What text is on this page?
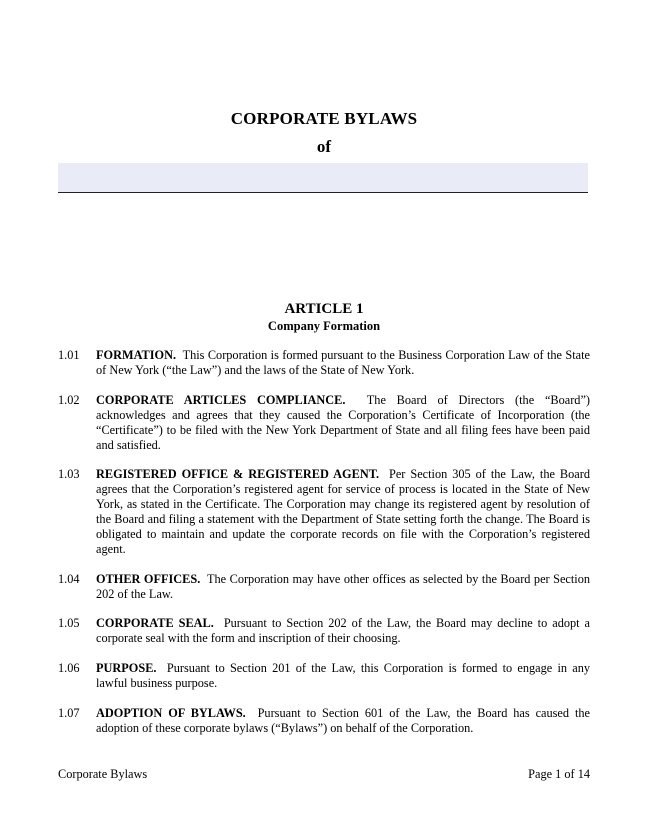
CORPORATE BYLAWS
of
ARTICLE 1
Company Formation
1.01	FORMATION. This Corporation is formed pursuant to the Business Corporation Law of the State of New York (“the Law”) and the laws of the State of New York.
1.02	CORPORATE ARTICLES COMPLIANCE. The Board of Directors (the “Board”) acknowledges and agrees that they caused the Corporation’s Certificate of Incorporation (the “Certificate”) to be filed with the New York Department of State and all filing fees have been paid and satisfied.
1.03	REGISTERED OFFICE & REGISTERED AGENT. Per Section 305 of the Law, the Board agrees that the Corporation’s registered agent for service of process is located in the State of New York, as stated in the Certificate. The Corporation may change its registered agent by resolution of the Board and filing a statement with the Department of State setting forth the change. The Board is obligated to maintain and update the corporate records on file with the Corporation’s registered agent.
1.04	OTHER OFFICES. The Corporation may have other offices as selected by the Board per Section 202 of the Law.
1.05	CORPORATE SEAL. Pursuant to Section 202 of the Law, the Board may decline to adopt a corporate seal with the form and inscription of their choosing.
1.06	PURPOSE. Pursuant to Section 201 of the Law, this Corporation is formed to engage in any lawful business purpose.
1.07	ADOPTION OF BYLAWS. Pursuant to Section 601 of the Law, the Board has caused the adoption of these corporate bylaws (“Bylaws”) on behalf of the Corporation.
Corporate Bylaws	Page 1 of 14
